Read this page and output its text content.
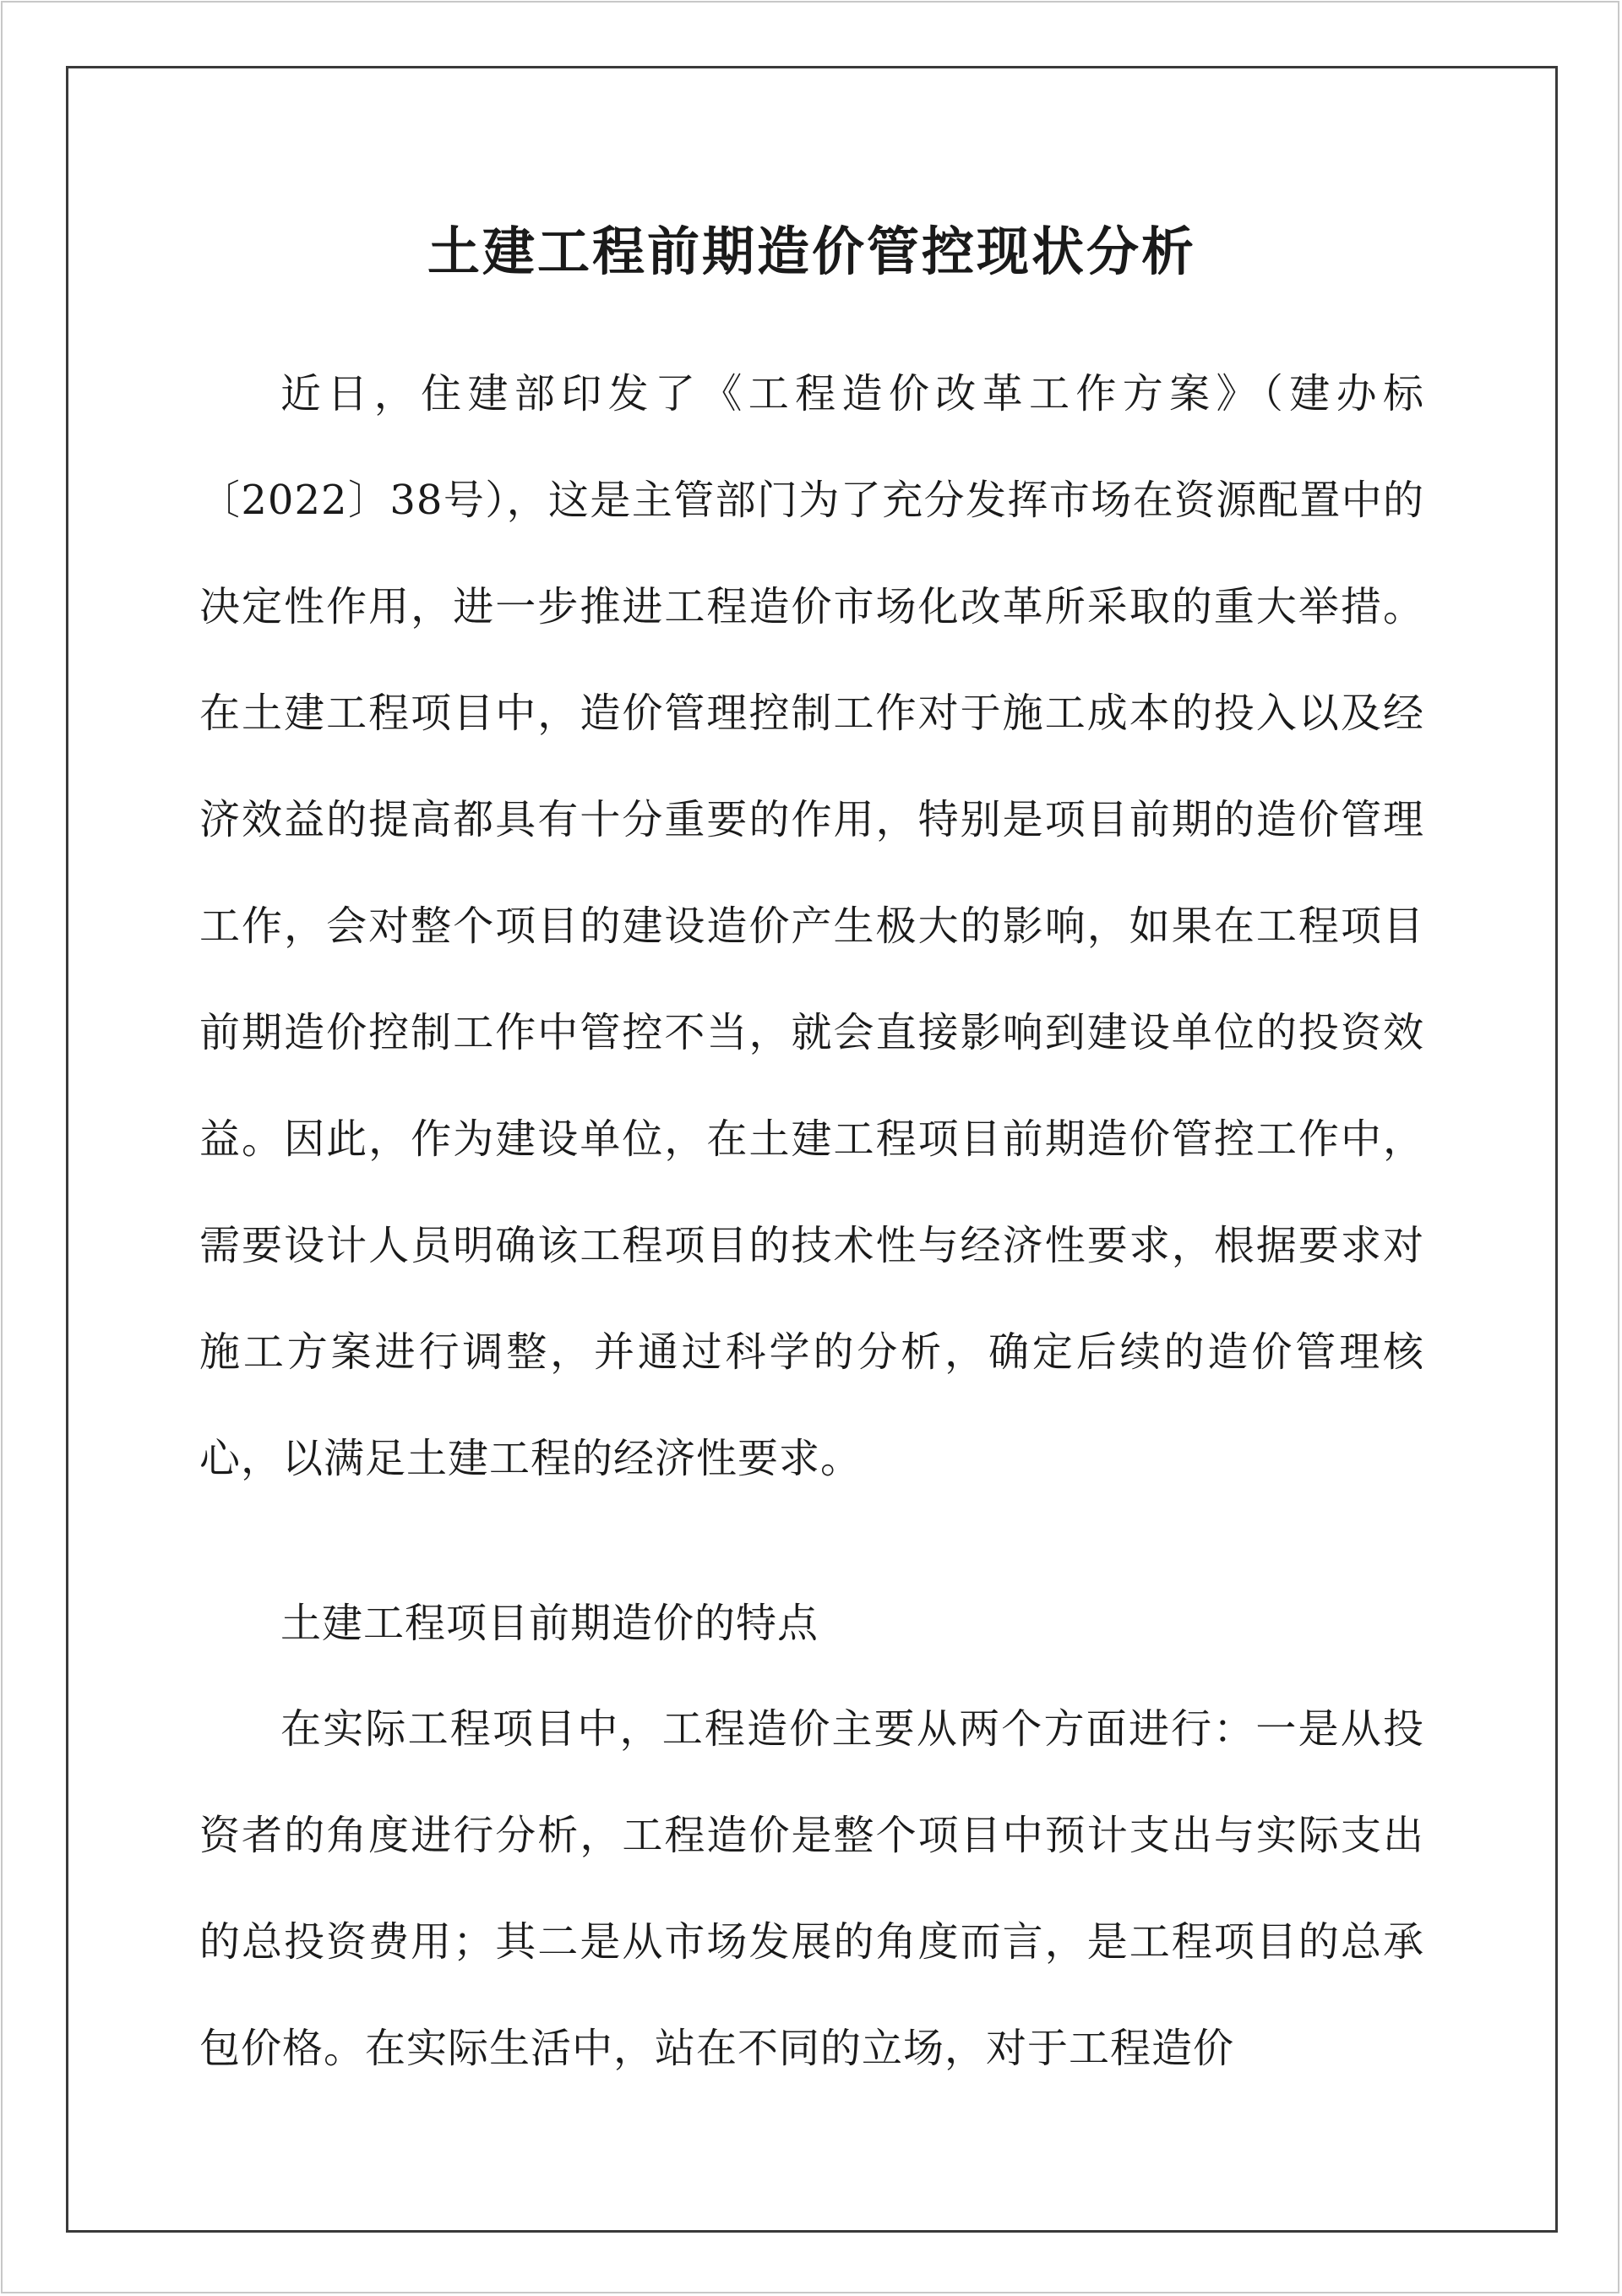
土建工程前期造价管控现状分析

近日，住建部印发了《工程造价改革工作方案》（建办标〔2022〕38号），这是主管部门为了充分发挥市场在资源配置中的决定性作用，进一步推进工程造价市场化改革所采取的重大举措。在土建工程项目中，造价管理控制工作对于施工成本的投入以及经济效益的提高都具有十分重要的作用，特别是项目前期的造价管理工作，会对整个项目的建设造价产生极大的影响，如果在工程项目前期造价控制工作中管控不当，就会直接影响到建设单位的投资效益。因此，作为建设单位，在土建工程项目前期造价管控工作中，需要设计人员明确该工程项目的技术性与经济性要求，根据要求对施工方案进行调整，并通过科学的分析，确定后续的造价管理核心，以满足土建工程的经济性要求。

土建工程项目前期造价的特点

在实际工程项目中，工程造价主要从两个方面进行：一是从投资者的角度进行分析，工程造价是整个项目中预计支出与实际支出的总投资费用；其二是从市场发展的角度而言，是工程项目的总承包价格。在实际生活中，站在不同的立场，对于工程造价
